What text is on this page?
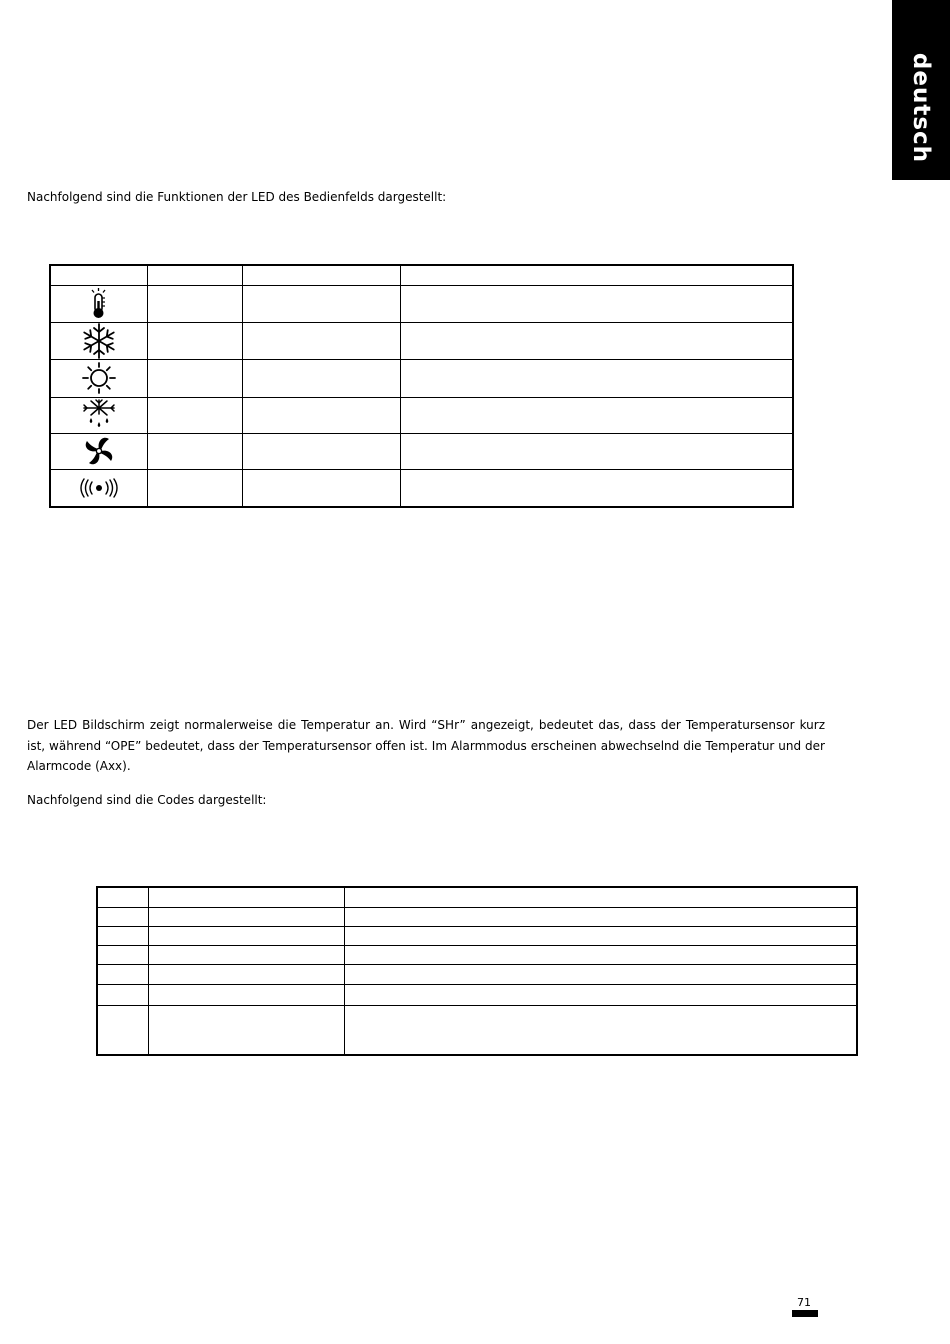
deutsch
Nachfolgend sind die Funktionen der LED des Bedienfelds dargestellt:

Der LED Bildschirm zeigt normalerweise die Temperatur an. Wird “SHr” angezeigt, bedeutet das, dass der Temperatursensor kurz ist, während “OPE” bedeutet, dass der Temperatursensor offen ist. Im Alarmmodus erscheinen abwechselnd die Temperatur und der Alarmcode (Axx).
Nachfolgend sind die Codes dargestellt:

71
